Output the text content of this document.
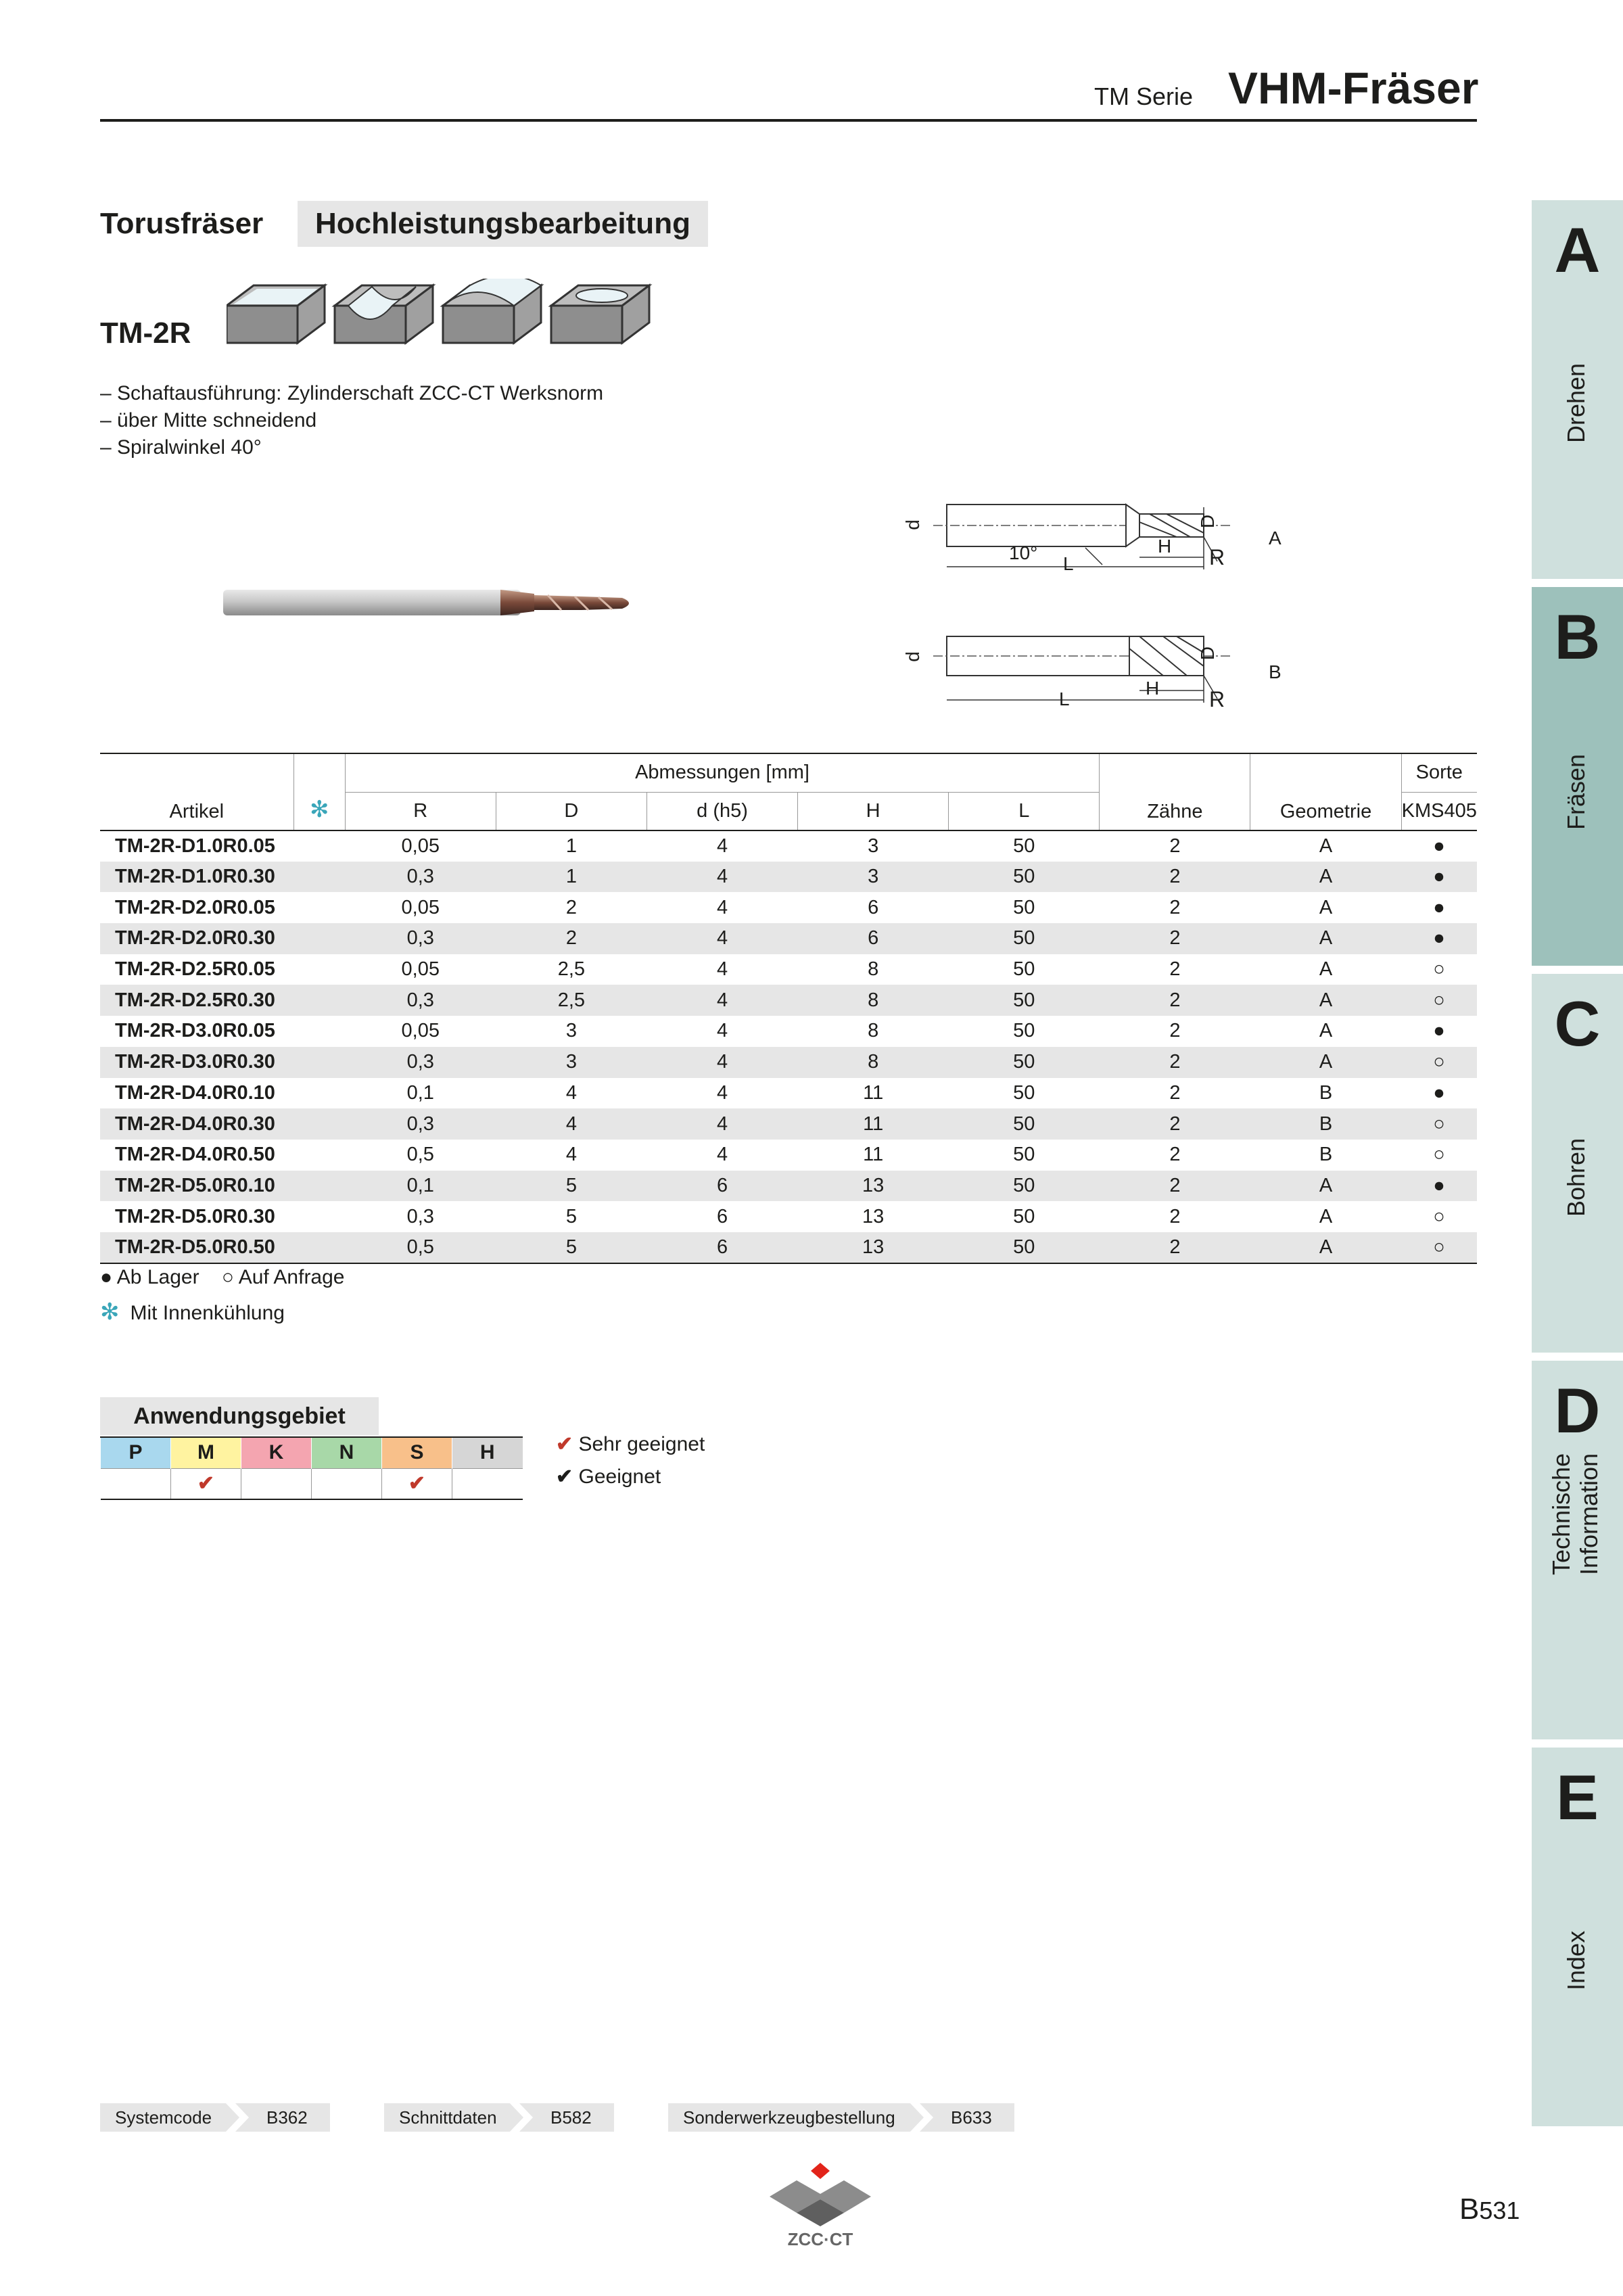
TM Serie VHM-Fräser
A
Drehen
B
Fräsen
C
Bohren
D
Technische Information
E
Index
Torusfräser	Hochleistungsbearbeitung
TM-2R
– Schaftausführung: Zylinderschaft ZCC-CT Werksnorm
– über Mitte schneidend
– Spiralwinkel 40°
d	D
10°
L
H R
A
d	D
L
H R
B
Artikel	✻	Abmessungen [mm]					Zähne	Geometrie	Sorte
		R	D	d (h5)	H	L			KMS405
TM-2R-D1.0R0.05		0,05	1	4	3	50	2	A	●
TM-2R-D1.0R0.30		0,3	1	4	3	50	2	A	●
TM-2R-D2.0R0.05		0,05	2	4	6	50	2	A	●
TM-2R-D2.0R0.30		0,3	2	4	6	50	2	A	●
TM-2R-D2.5R0.05		0,05	2,5	4	8	50	2	A	○
TM-2R-D2.5R0.30		0,3	2,5	4	8	50	2	A	○
TM-2R-D3.0R0.05		0,05	3	4	8	50	2	A	●
TM-2R-D3.0R0.30		0,3	3	4	8	50	2	A	○
TM-2R-D4.0R0.10		0,1	4	4	11	50	2	B	●
TM-2R-D4.0R0.30		0,3	4	4	11	50	2	B	○
TM-2R-D4.0R0.50		0,5	4	4	11	50	2	B	○
TM-2R-D5.0R0.10		0,1	5	6	13	50	2	A	●
TM-2R-D5.0R0.30		0,3	5	6	13	50	2	A	○
TM-2R-D5.0R0.50		0,5	5	6	13	50	2	A	○
● Ab Lager ○ Auf Anfrage
✻ Mit Innenkühlung
Anwendungsgebiet
P	M	K	N	S	H
	✔			✔	
✔ Sehr geeignet
✔ Geeignet
Systemcode	B362	Schnittdaten	B582	Sonderwerkzeugbestellung	B633
ZCC·CT
B531
